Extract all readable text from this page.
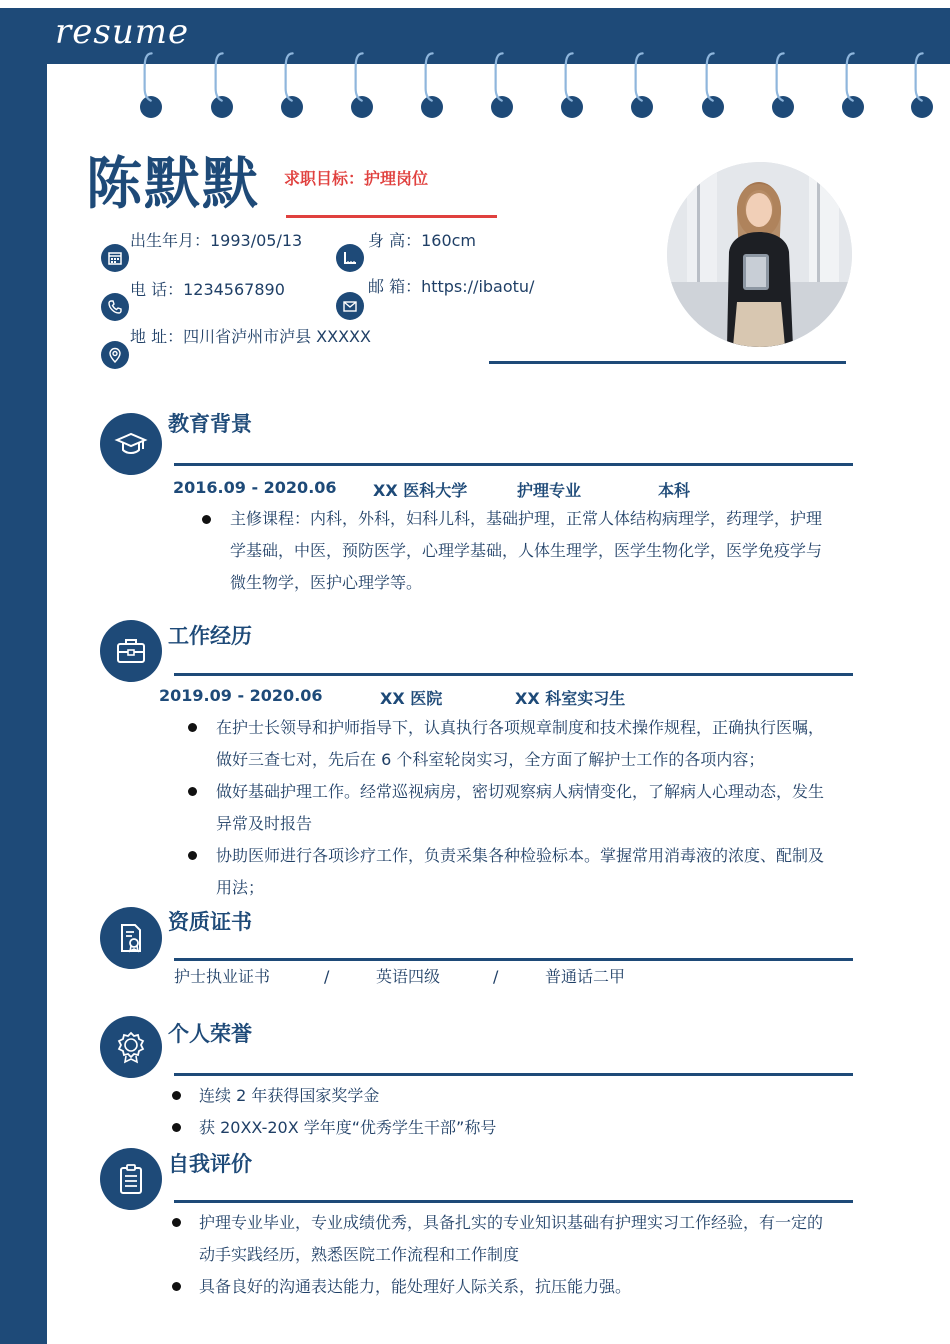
resume
陈默默 求职目标：护理岗位
出生年月：1993/05/13	身 高：160cm
电 话：1234567890	邮 箱：https://ibaotu/
地 址：四川省泸州市泸县 XXXXX
教育背景
2016.09 - 2020.06 XX 医科大学	护理专业	本科
主修课程：内科，外科，妇科儿科，基础护理，正常人体结构病理学，药理学，护理
学基础，中医，预防医学，心理学基础，人体生理学，医学生物化学，医学免疫学与
微生物学，医护心理学等。
工作经历
2019.09 - 2020.06	XX 医院	XX 科室实习生
在护士长领导和护师指导下，认真执行各项规章制度和技术操作规程，正确执行医嘱，
做好三查七对，先后在 6 个科室轮岗实习，全方面了解护士工作的各项内容；
做好基础护理工作。经常巡视病房，密切观察病人病情变化，了解病人心理动态，发生
异常及时报告
协助医师进行各项诊疗工作，负责采集各种检验标本。掌握常用消毒液的浓度、配制及
用法；
资质证书
护士执业证书	/	英语四级	/	普通话二甲
个人荣誉
连续 2 年获得国家奖学金
获 20XX-20X 学年度“优秀学生干部”称号
自我评价
护理专业毕业，专业成绩优秀，具备扎实的专业知识基础有护理实习工作经验，有一定的
动手实践经历，熟悉医院工作流程和工作制度
具备良好的沟通表达能力，能处理好人际关系，抗压能力强。
